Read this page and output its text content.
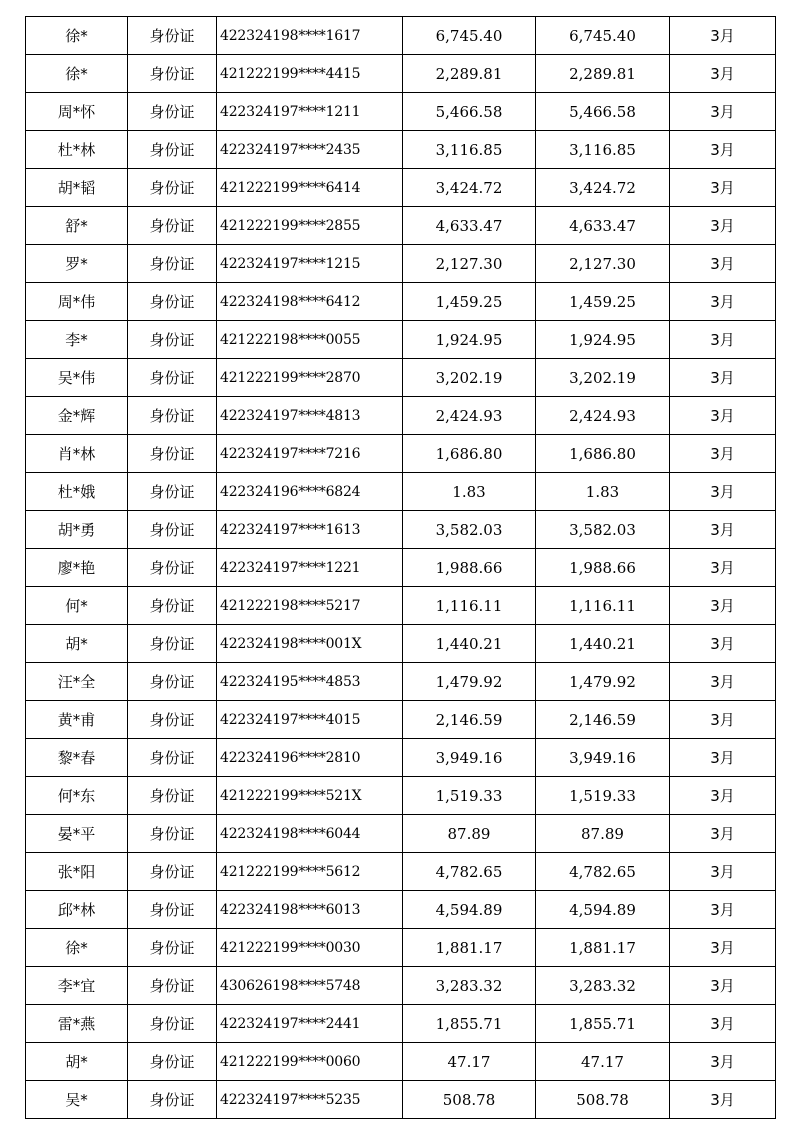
徐*	身份证	422324198****1617	6,745.40	6,745.40	3月
徐*	身份证	421222199****4415	2,289.81	2,289.81	3月
周*怀	身份证	422324197****1211	5,466.58	5,466.58	3月
杜*林	身份证	422324197****2435	3,116.85	3,116.85	3月
胡*韬	身份证	421222199****6414	3,424.72	3,424.72	3月
舒*	身份证	421222199****2855	4,633.47	4,633.47	3月
罗*	身份证	422324197****1215	2,127.30	2,127.30	3月
周*伟	身份证	422324198****6412	1,459.25	1,459.25	3月
李*	身份证	421222198****0055	1,924.95	1,924.95	3月
吴*伟	身份证	421222199****2870	3,202.19	3,202.19	3月
金*辉	身份证	422324197****4813	2,424.93	2,424.93	3月
肖*林	身份证	422324197****7216	1,686.80	1,686.80	3月
杜*娥	身份证	422324196****6824	1.83	1.83	3月
胡*勇	身份证	422324197****1613	3,582.03	3,582.03	3月
廖*艳	身份证	422324197****1221	1,988.66	1,988.66	3月
何*	身份证	421222198****5217	1,116.11	1,116.11	3月
胡*	身份证	422324198****001X	1,440.21	1,440.21	3月
汪*全	身份证	422324195****4853	1,479.92	1,479.92	3月
黄*甫	身份证	422324197****4015	2,146.59	2,146.59	3月
黎*春	身份证	422324196****2810	3,949.16	3,949.16	3月
何*东	身份证	421222199****521X	1,519.33	1,519.33	3月
晏*平	身份证	422324198****6044	87.89	87.89	3月
张*阳	身份证	421222199****5612	4,782.65	4,782.65	3月
邱*林	身份证	422324198****6013	4,594.89	4,594.89	3月
徐*	身份证	421222199****0030	1,881.17	1,881.17	3月
李*宜	身份证	430626198****5748	3,283.32	3,283.32	3月
雷*燕	身份证	422324197****2441	1,855.71	1,855.71	3月
胡*	身份证	421222199****0060	47.17	47.17	3月
吴*	身份证	422324197****5235	508.78	508.78	3月
